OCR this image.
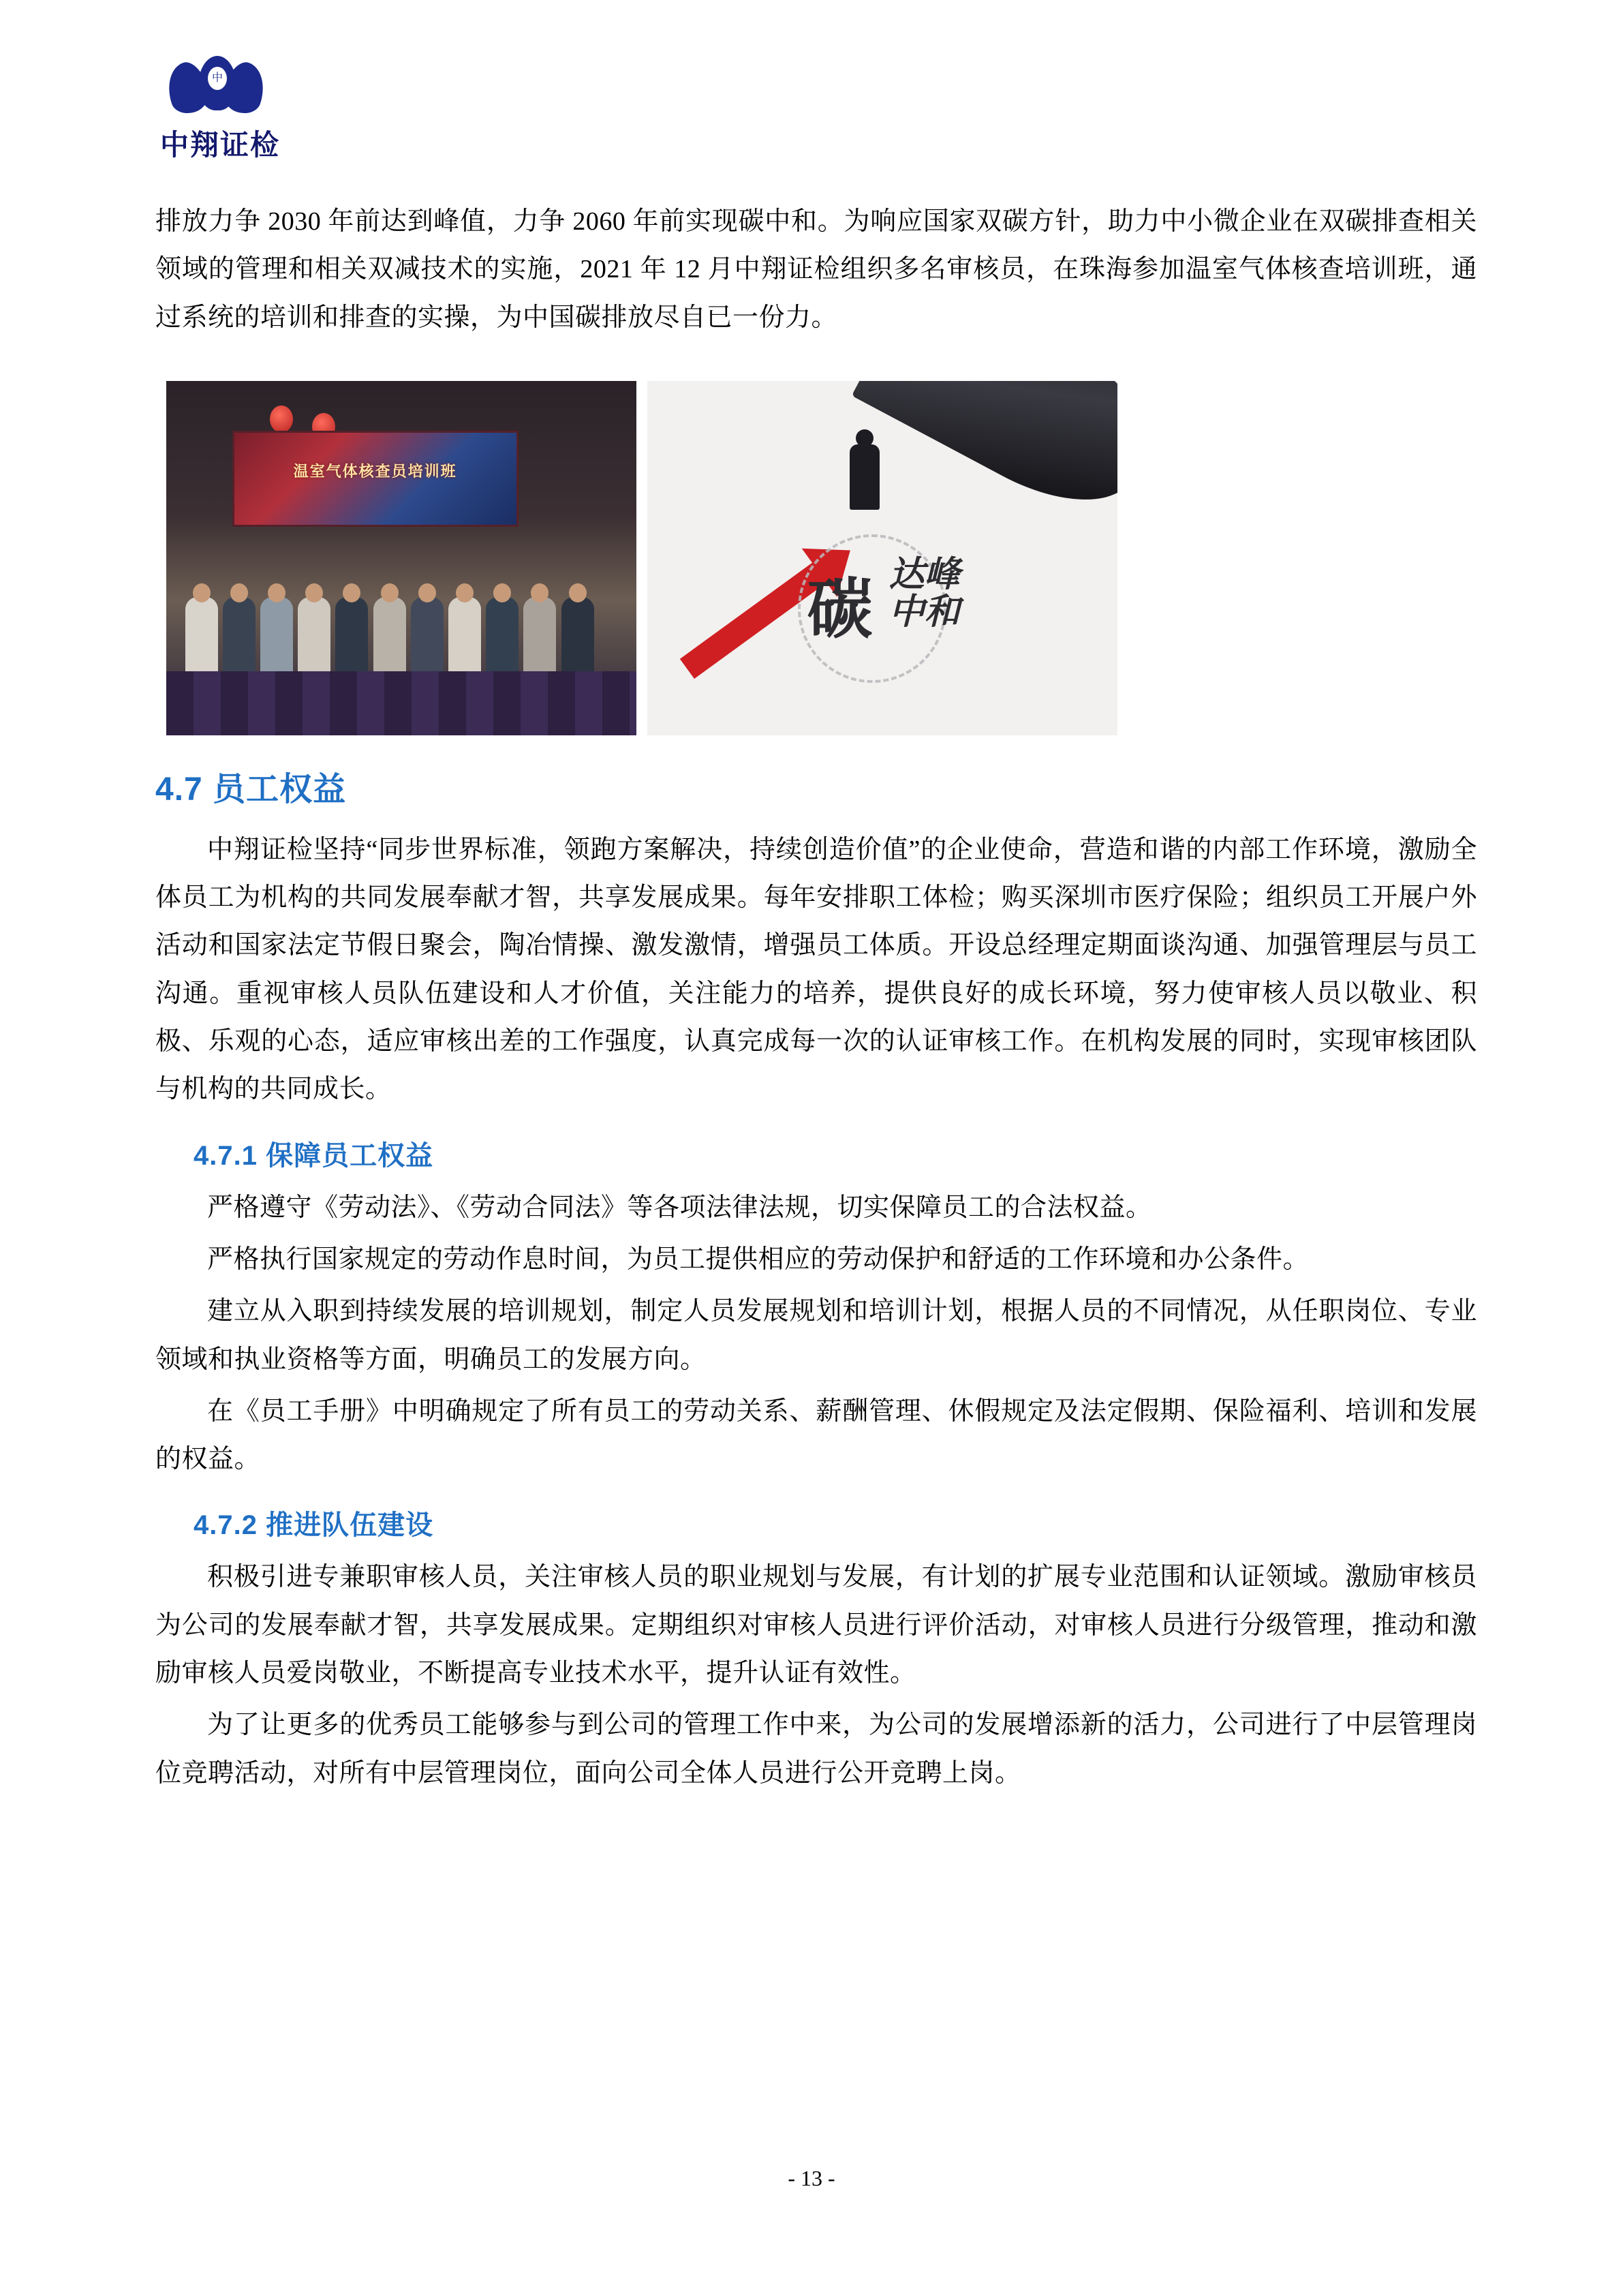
中
中翔证检

排放力争 2030 年前达到峰值，力争 2060 年前实现碳中和。为响应国家双碳方针，助力中小微企业在双碳排查相关领域的管理和相关双减技术的实施，2021 年 12 月中翔证检组织多名审核员，在珠海参加温室气体核查培训班，通过系统的培训和排查的实操，为中国碳排放尽自已一份力。

温室气体核查员培训班
碳 达峰
中和
4.7 员工权益

中翔证检坚持“同步世界标准，领跑方案解决，持续创造价值”的企业使命，营造和谐的内部工作环境，激励全体员工为机构的共同发展奉献才智，共享发展成果。每年安排职工体检；购买深圳市医疗保险；组织员工开展户外活动和国家法定节假日聚会，陶冶情操、激发激情，增强员工体质。开设总经理定期面谈沟通、加强管理层与员工沟通。重视审核人员队伍建设和人才价值，关注能力的培养，提供良好的成长环境，努力使审核人员以敬业、积极、乐观的心态，适应审核出差的工作强度，认真完成每一次的认证审核工作。在机构发展的同时，实现审核团队与机构的共同成长。

4.7.1 保障员工权益

严格遵守《劳动法》、《劳动合同法》等各项法律法规，切实保障员工的合法权益。

严格执行国家规定的劳动作息时间，为员工提供相应的劳动保护和舒适的工作环境和办公条件。

建立从入职到持续发展的培训规划，制定人员发展规划和培训计划，根据人员的不同情况，从任职岗位、专业领域和执业资格等方面，明确员工的发展方向。

在《员工手册》中明确规定了所有员工的劳动关系、薪酬管理、休假规定及法定假期、保险福利、培训和发展的权益。

4.7.2 推进队伍建设

积极引进专兼职审核人员，关注审核人员的职业规划与发展，有计划的扩展专业范围和认证领域。激励审核员为公司的发展奉献才智，共享发展成果。定期组织对审核人员进行评价活动，对审核人员进行分级管理，推动和激励审核人员爱岗敬业，不断提高专业技术水平，提升认证有效性。

为了让更多的优秀员工能够参与到公司的管理工作中来，为公司的发展增添新的活力，公司进行了中层管理岗位竞聘活动，对所有中层管理岗位，面向公司全体人员进行公开竞聘上岗。

- 13 -
